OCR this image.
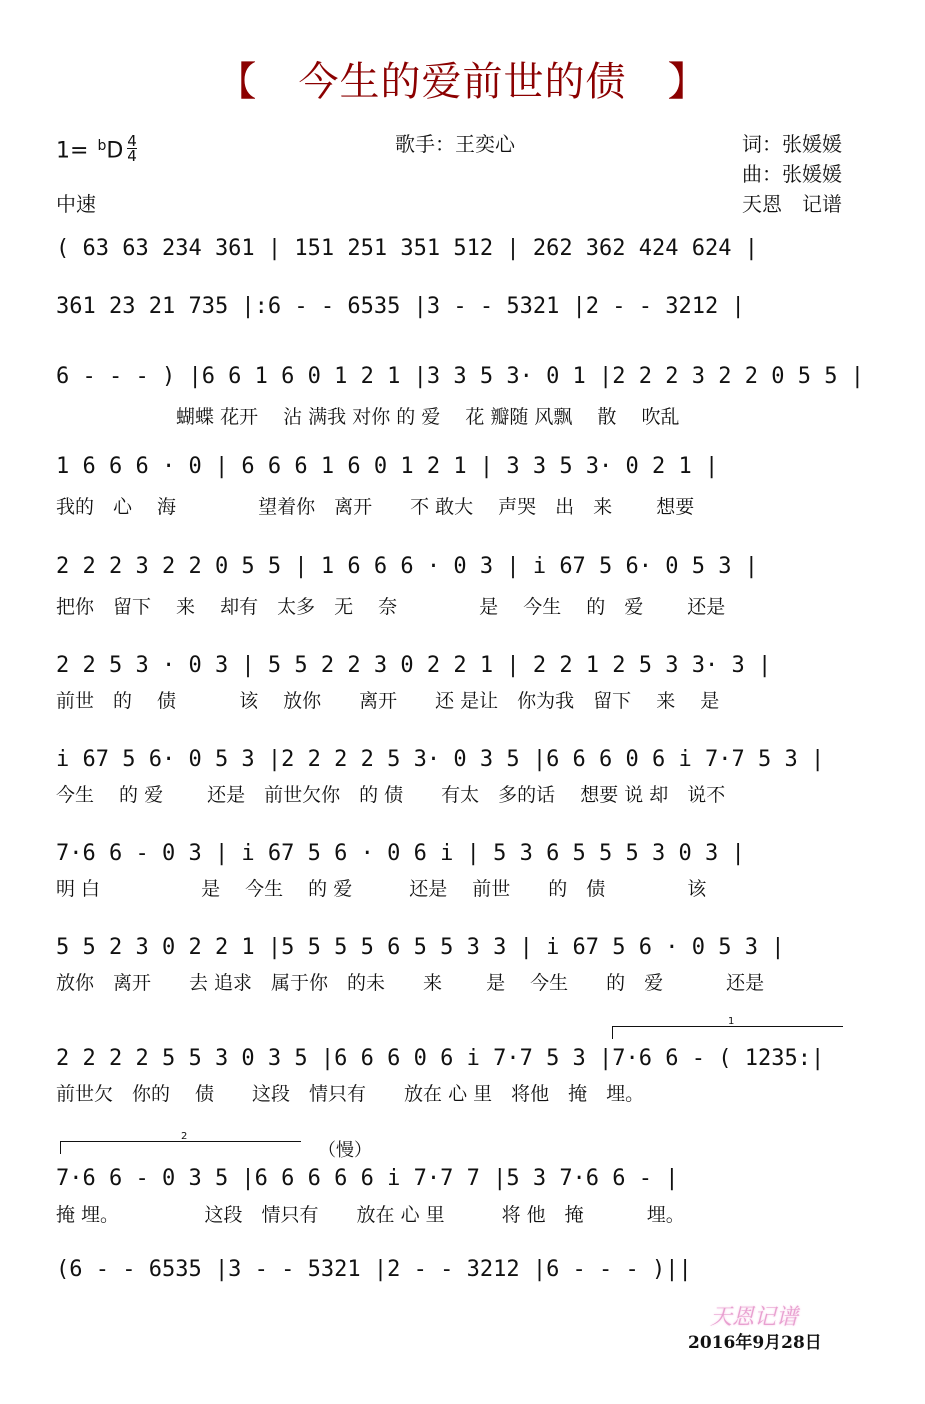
【　今生的爱前世的债　】
$1= ^bD \frac{4}{4}$	歌手：王奕心	词：张媛媛
曲：张媛媛
天恩　记谱
中速
( 63 63 234 361 | 151 251 351 512 | 262 362 424 624 |
361 23 21 735 |:6 - - 6535 |3 - - 5321 |2 - - 3212 |
6 - - - ) |6 6 1 6 0 1 2 1 |3 3 5 3· 0 1 |2 2 2 3 2 2 0 5 5 |
　　　　　　 蝴蝶 花开　 沾 满我 对你 的 爱　 花 瓣随 风飘　 散　 吹乱
1 6 6 6 · 0 | 6 6 6 1 6 0 1 2 1 | 3 3 5 3· 0 2 1 |
我的　心　 海　　　　 望着你　离开　　不 敢大　 声哭　出　来　　 想要
2 2 2 3 2 2 0 5 5 | 1 6 6 6 · 0 3 | i 67 5 6· 0 5 3 |
把你　留下　 来　 却有　太多　无　 奈　　　　 是　 今生　 的　爱　　 还是
2 2 5 3 · 0 3 | 5 5 2 2 3 0 2 2 1 | 2 2 1 2 5 3 3· 3 |
前世　的　 债　　　 该　 放你　　离开　　还 是让　你为我　留下　 来　 是
i 67 5 6· 0 5 3 |2 2 2 2 5 3· 0 3 5 |6 6 6 0 6 i 7·7 5 3 |
今生　 的 爱　　 还是　前世欠你　的 债　　有太　多的话　 想要 说 却　说不
7·6 6 - 0 3 | i 67 5 6 · 0 6 i | 5 3 6 5 5 5 3 0 3 |
明 白　　　　　 是　 今生　 的 爱　　　还是　 前世　　的　债　　　　 该
5 5 2 3 0 2 2 1 |5 5 5 5 6 5 5 3 3 | i 67 5 6 · 0 5 3 |
放你　离开　　去 追求　属于你　的未　　来　　 是　 今生　　的　爱　　　 还是
1
2 2 2 2 5 5 3 0 3 5 |6 6 6 0 6 i 7·7 5 3 |7·6 6 - ( 1235:|
前世欠　你的　 债　　这段　情只有　　放在 心 里　将他　掩　埋。
2
（慢）
7·6 6 - 0 3 5 |6 6 6 6 6 i 7·7 7 |5 3 7·6 6 - |
掩 埋。　　　　　这段　情只有　　放在 心 里　　　将 他　掩　　　 埋。
(6 - - 6535 |3 - - 5321 |2 - - 3212 |6 - - - )||
天恩记谱
2016年9月28日
